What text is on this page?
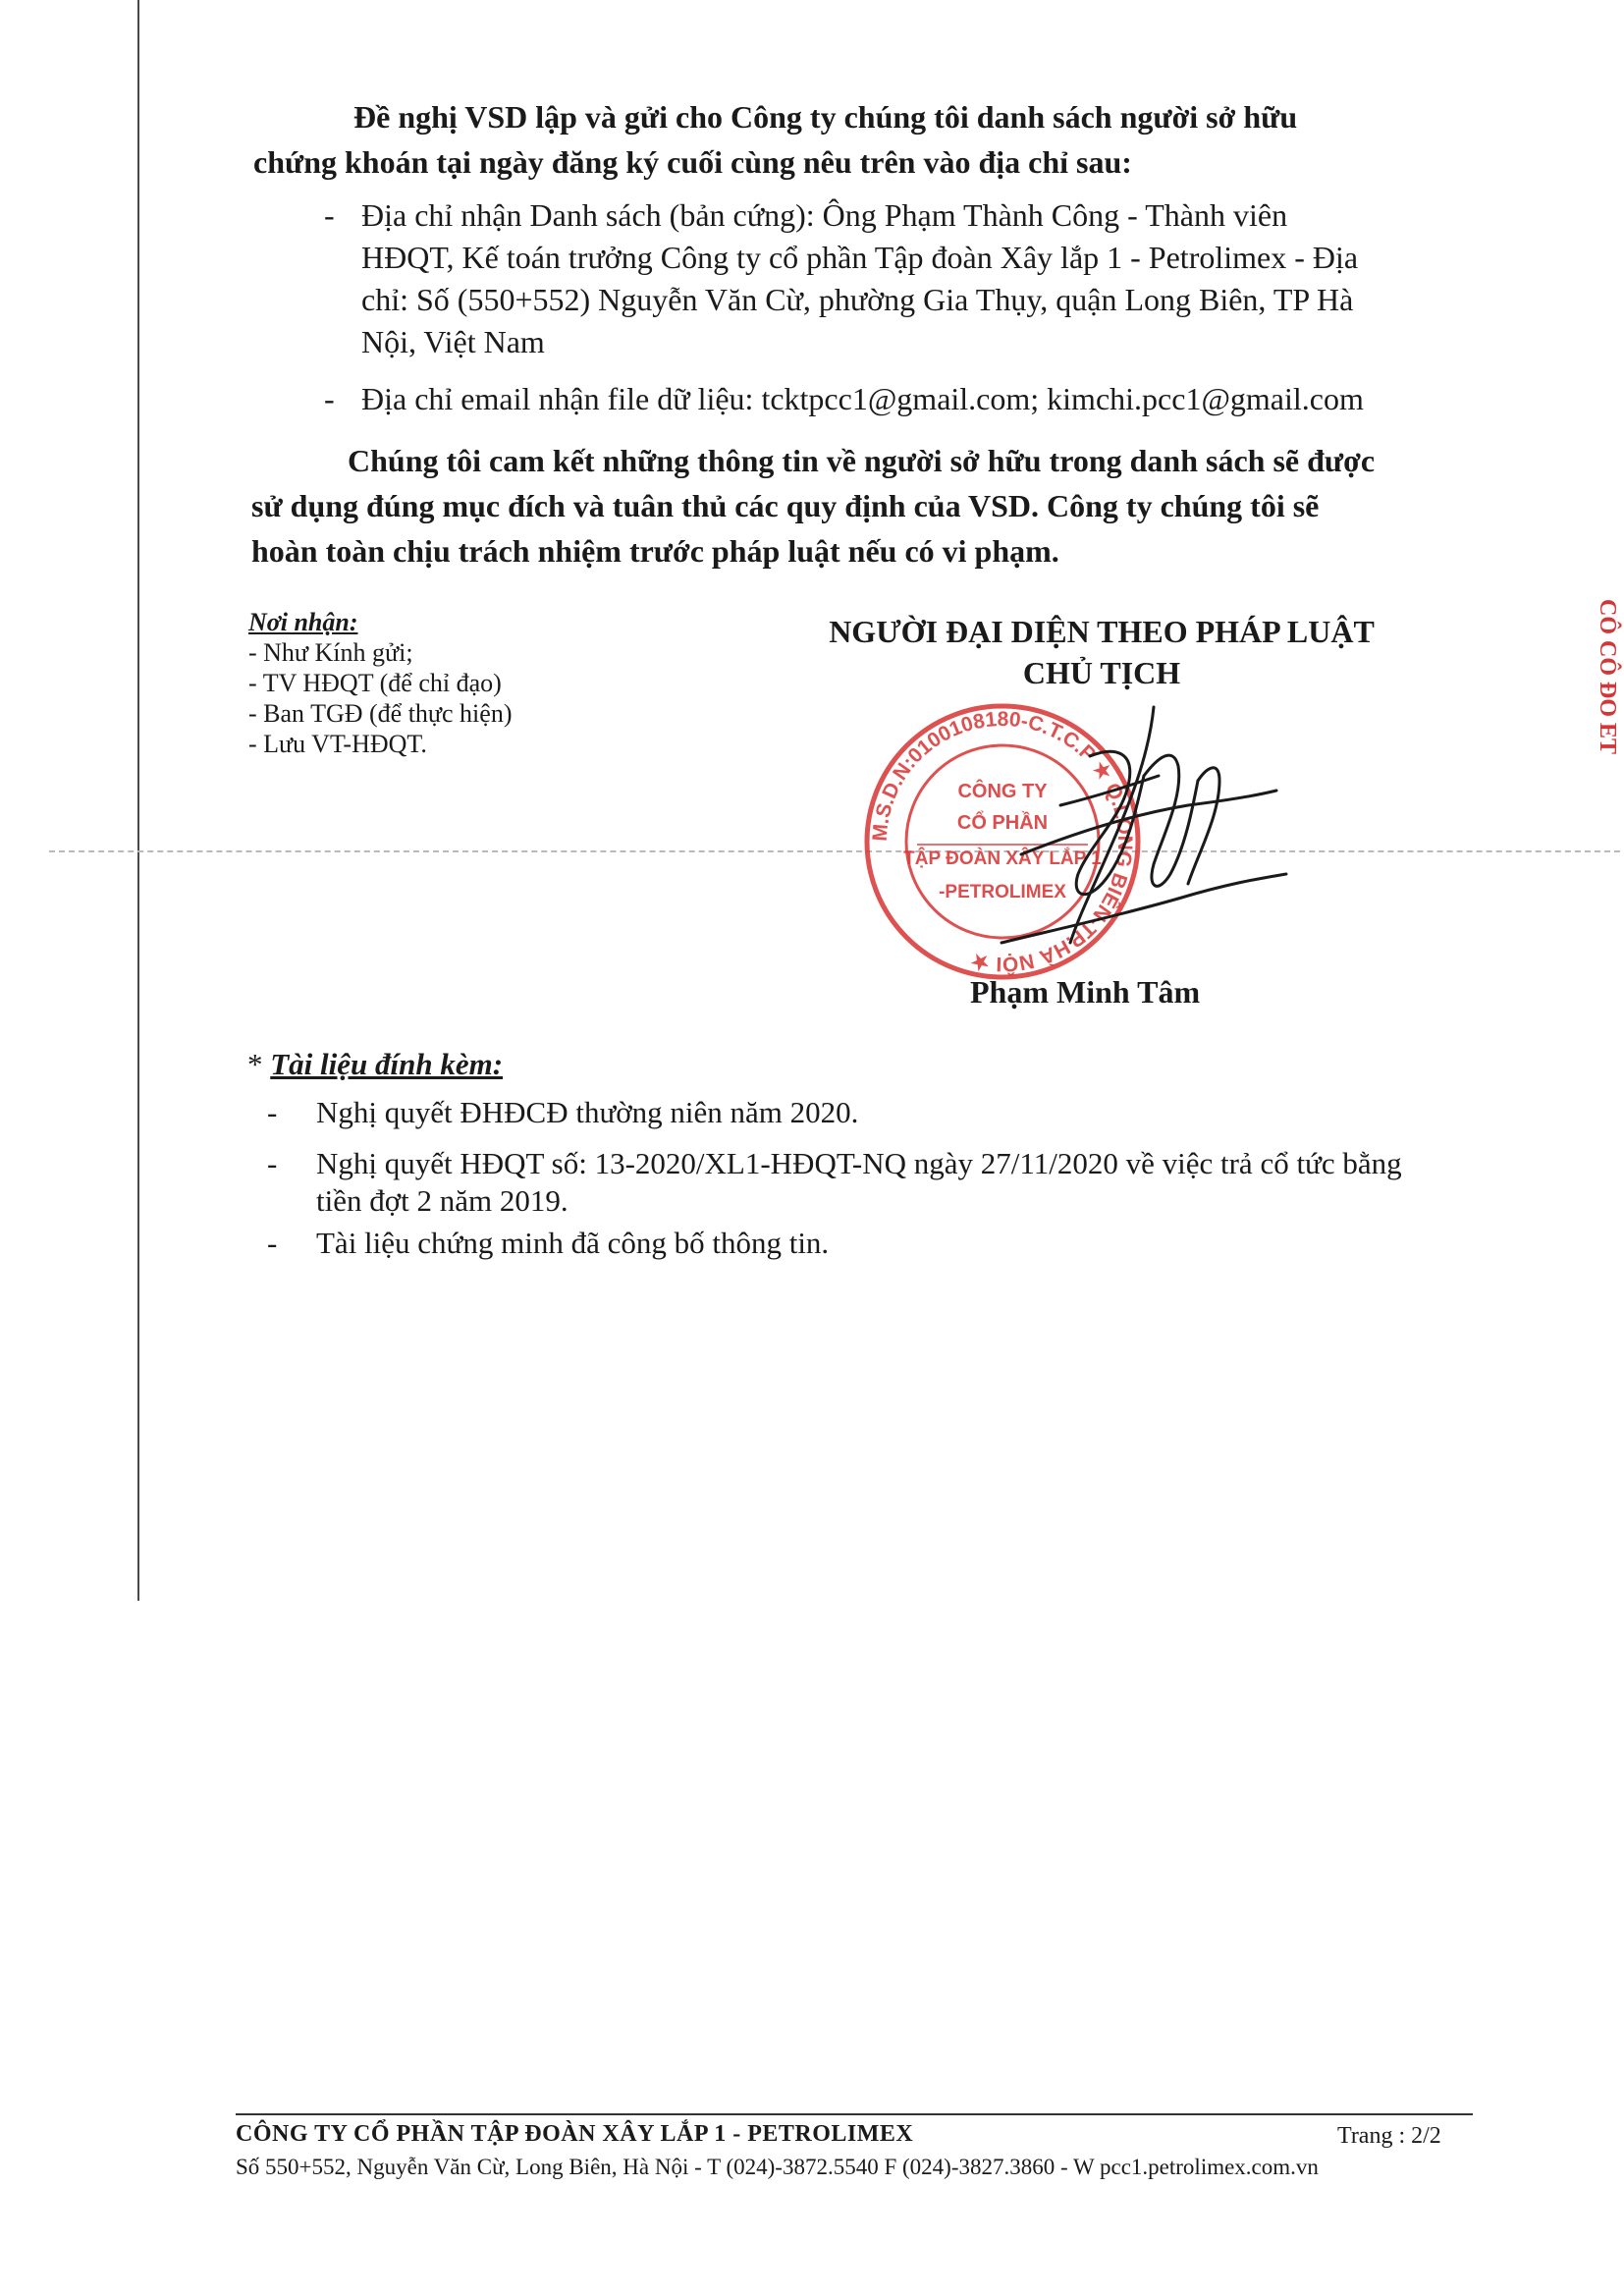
Đề nghị VSD lập và gửi cho Công ty chúng tôi danh sách người sở hữu
chứng khoán tại ngày đăng ký cuối cùng nêu trên vào địa chỉ sau:
- Địa chỉ nhận Danh sách (bản cứng): Ông Phạm Thành Công - Thành viên
HĐQT, Kế toán trưởng Công ty cổ phần Tập đoàn Xây lắp 1 - Petrolimex - Địa
chỉ: Số (550+552) Nguyễn Văn Cừ, phường Gia Thụy, quận Long Biên, TP Hà
Nội, Việt Nam
- Địa chỉ email nhận file dữ liệu: tcktpcc1@gmail.com; kimchi.pcc1@gmail.com
Chúng tôi cam kết những thông tin về người sở hữu trong danh sách sẽ được
sử dụng đúng mục đích và tuân thủ các quy định của VSD. Công ty chúng tôi sẽ
hoàn toàn chịu trách nhiệm trước pháp luật nếu có vi phạm.
Nơi nhận:
- Như Kính gửi;
- TV HĐQT (để chỉ đạo)
- Ban TGĐ (để thực hiện)
- Lưu VT-HĐQT.
NGƯỜI ĐẠI DIỆN THEO PHÁP LUẬT
CHỦ TỊCH
M.S.D.N:0100108180-C.T.C.P ★ Q.LONG BIÊN-TP.HÀ NỘI ★
CÔNG TY
CỔ PHẦN
TẬP ĐOÀN XÂY LẮP 1
-PETROLIMEX
Phạm Minh Tâm
CÔ CÔ ĐO ET
* Tài liệu đính kèm:
- Nghị quyết ĐHĐCĐ thường niên năm 2020.
- Nghị quyết HĐQT số: 13-2020/XL1-HĐQT-NQ ngày 27/11/2020 về việc trả cổ tức bằng
tiền đợt 2 năm 2019.
- Tài liệu chứng minh đã công bố thông tin.
CÔNG TY CỔ PHẦN TẬP ĐOÀN XÂY LẮP 1 - PETROLIMEX	Trang : 2/2
Số 550+552, Nguyễn Văn Cừ, Long Biên, Hà Nội - T (024)-3872.5540 F (024)-3827.3860 - W pcc1.petrolimex.com.vn
